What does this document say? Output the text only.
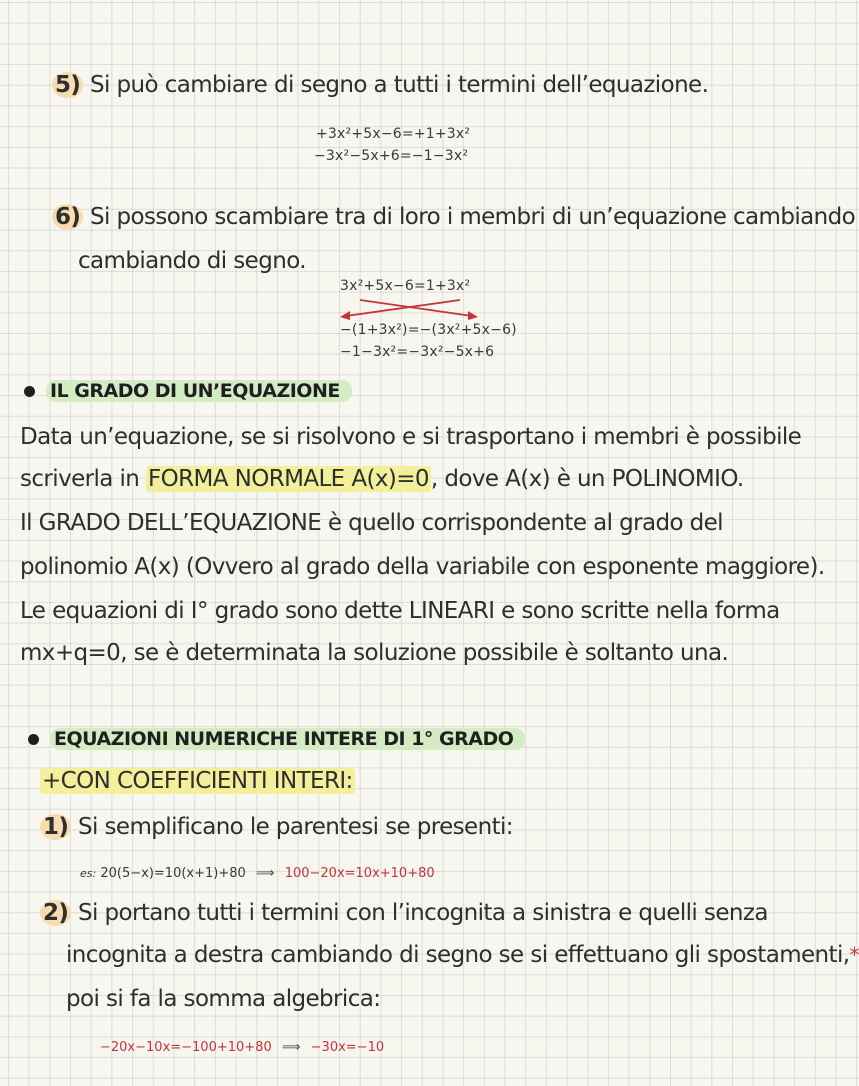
5) Si può cambiare di segno a tutti i termini dell’equazione.
+3x²+5x−6=+1+3x²
−3x²−5x+6=−1−3x²
6) Si possono scambiare tra di loro i membri di un’equazione cambiando
cambiando di segno.
3x²+5x−6=1+3x²
−(1+3x²)=−(3x²+5x−6)
−1−3x²=−3x²−5x+6
IL GRADO DI UN’EQUAZIONE
Data un’equazione, se si risolvono e si trasportano i membri è possibile
scriverla in FORMA NORMALE A(x)=0, dove A(x) è un POLINOMIO.
Il GRADO DELL’EQUAZIONE è quello corrispondente al grado del
polinomio A(x) (Ovvero al grado della variabile con esponente maggiore).
Le equazioni di I° grado sono dette LINEARI e sono scritte nella forma
mx+q=0, se è determinata la soluzione possibile è soltanto una.
EQUAZIONI NUMERICHE INTERE DI 1° GRADO
+CON COEFFICIENTI INTERI:
1) Si semplificano le parentesi se presenti:
es: 20(5−x)=10(x+1)+80 ⟹ 100−20x=10x+10+80
2) Si portano tutti i termini con l’incognita a sinistra e quelli senza
incognita a destra cambiando di segno se si effettuano gli spostamenti,*
poi si fa la somma algebrica:
−20x−10x=−100+10+80 ⟹ −30x=−10
